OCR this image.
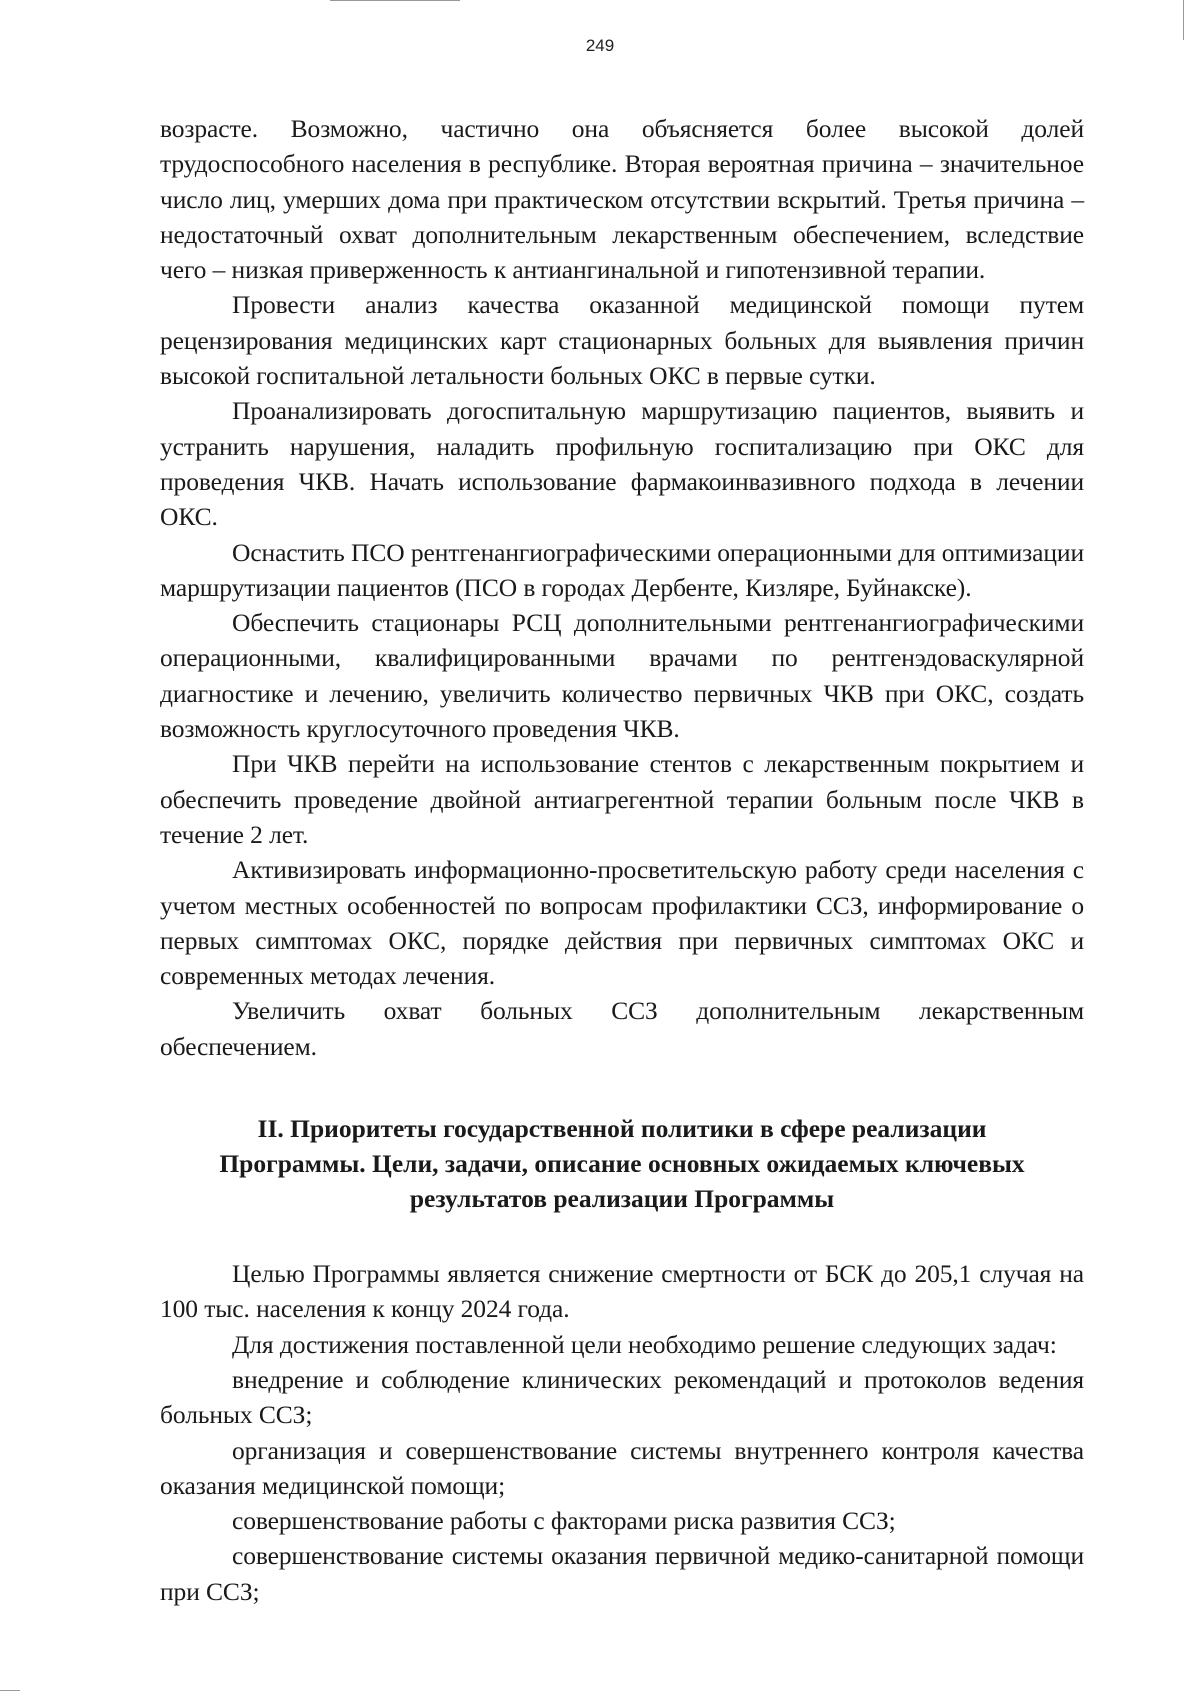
249

возрасте. Возможно, частично она объясняется более высокой долей трудоспособного населения в республике. Вторая вероятная причина – значительное число лиц, умерших дома при практическом отсутствии вскрытий. Третья причина – недостаточный охват дополнительным лекарственным обеспечением, вследствие чего – низкая приверженность к антиангинальной и гипотензивной терапии.

Провести анализ качества оказанной медицинской помощи путем рецензирования медицинских карт стационарных больных для выявления причин высокой госпитальной летальности больных ОКС в первые сутки.

Проанализировать догоспитальную маршрутизацию пациентов, выявить и устранить нарушения, наладить профильную госпитализацию при ОКС для проведения ЧКВ. Начать использование фармакоинвазивного подхода в лечении ОКС.

Оснастить ПСО рентгенангиографическими операционными для оптимизации маршрутизации пациентов (ПСО в городах Дербенте, Кизляре, Буйнакске).

Обеспечить стационары РСЦ дополнительными рентгенангиографическими операционными, квалифицированными врачами по рентгенэдоваскулярной диагностике и лечению, увеличить количество первичных ЧКВ при ОКС, создать возможность круглосуточного проведения ЧКВ.

При ЧКВ перейти на использование стентов с лекарственным покрытием и обеспечить проведение двойной антиагрегентной терапии больным после ЧКВ в течение 2 лет.

Активизировать информационно-просветительскую работу среди населения с учетом местных особенностей по вопросам профилактики ССЗ, информирование о первых симптомах ОКС, порядке действия при первичных симптомах ОКС и современных методах лечения.

Увеличить охват больных ССЗ дополнительным лекарственным обеспечением.

II. Приоритеты государственной политики в сфере реализации
Программы. Цели, задачи, описание основных ожидаемых ключевых
результатов реализации Программы

Целью Программы является снижение смертности от БСК до 205,1 случая на 100 тыс. населения к концу 2024 года.

Для достижения поставленной цели необходимо решение следующих задач:

внедрение и соблюдение клинических рекомендаций и протоколов ведения больных ССЗ;

организация и совершенствование системы внутреннего контроля качества оказания медицинской помощи;

совершенствование работы с факторами риска развития ССЗ;

совершенствование системы оказания первичной медико-санитарной помощи при ССЗ;
